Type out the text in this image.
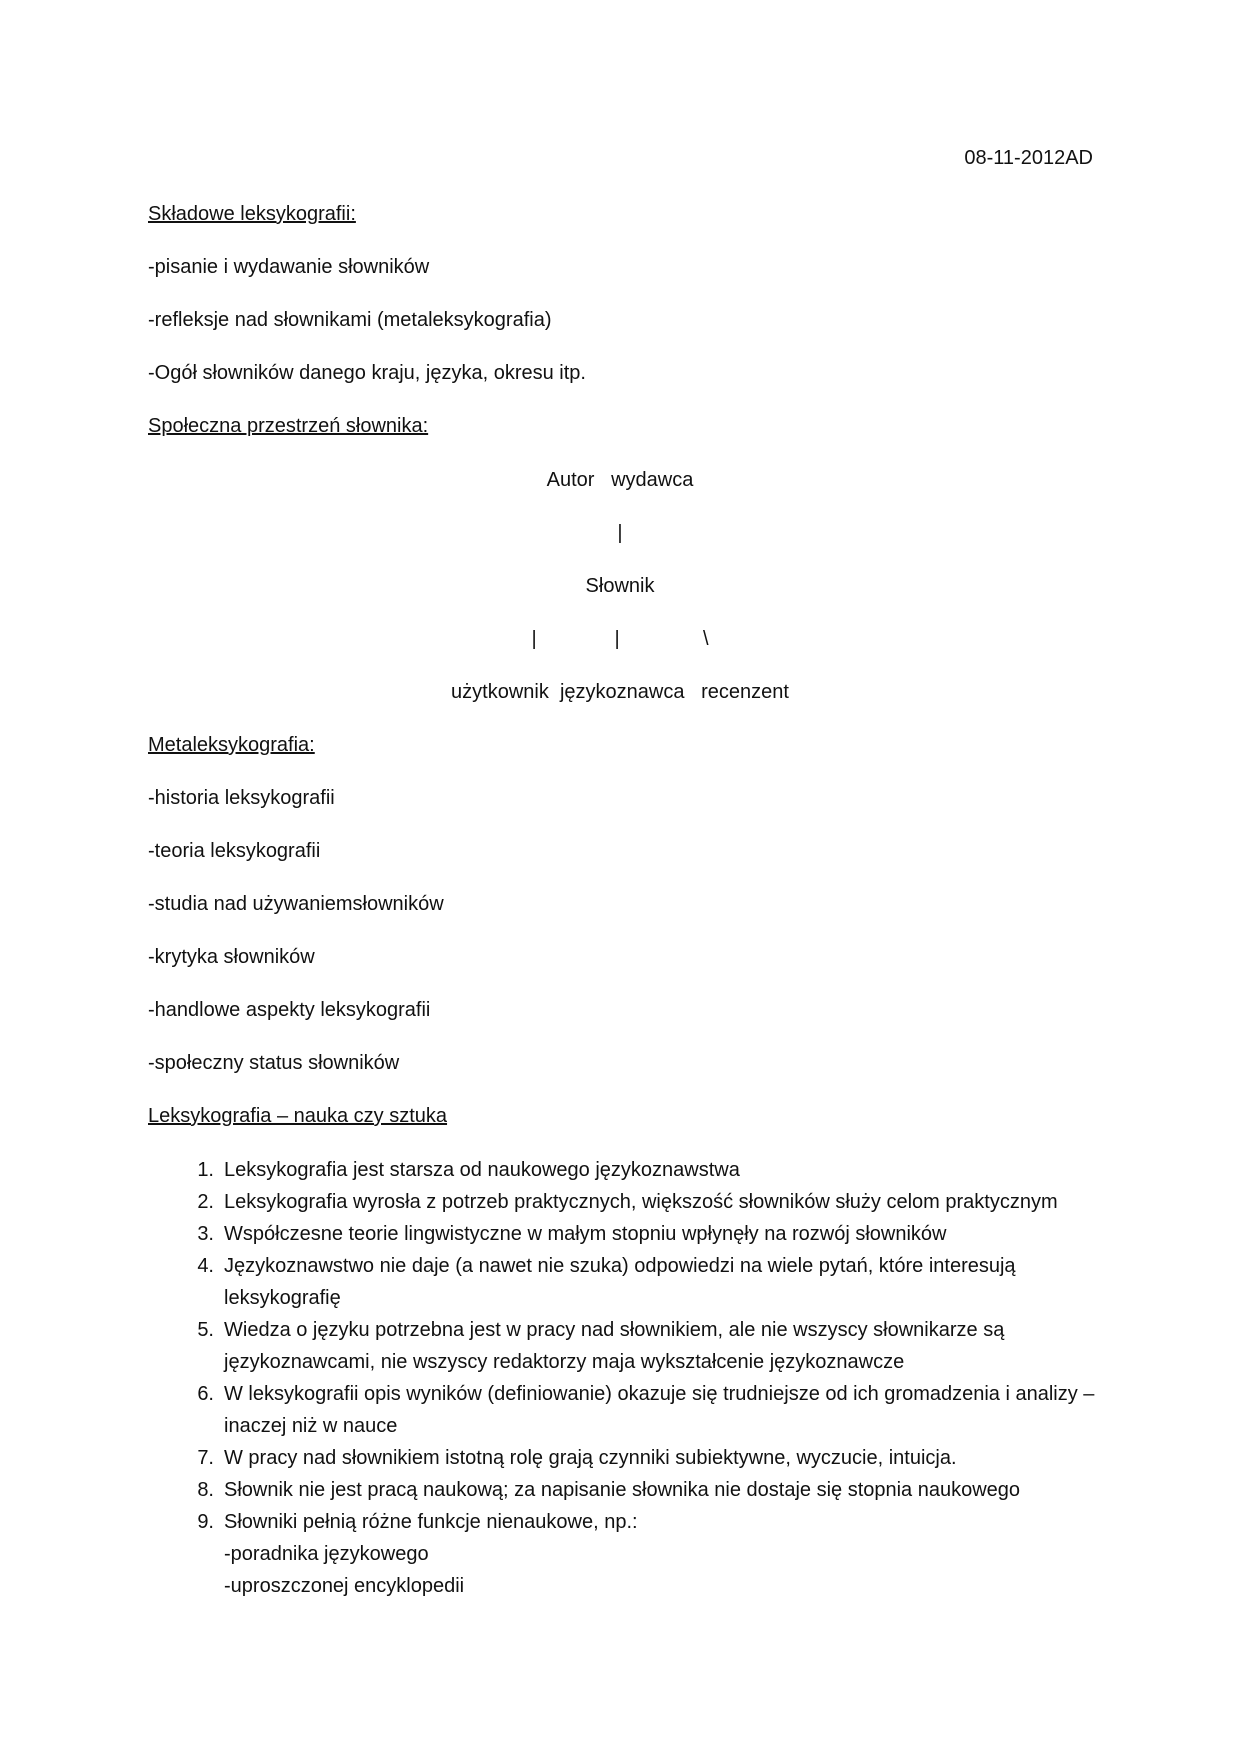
08-11-2012AD
Składowe leksykografii:
-pisanie i wydawanie słowników
-refleksje nad słownikami (metaleksykografia)
-Ogół słowników danego kraju, języka, okresu itp.
Społeczna przestrzeń słownika:
Autor   wydawca
|
Słownik
|              |               \
użytkownik  językoznawca   recenzent
Metaleksykografia:
-historia leksykografii
-teoria leksykografii
-studia nad używaniemsłowników
-krytyka słowników
-handlowe aspekty leksykografii
-społeczny status słowników
Leksykografia – nauka czy sztuka
1. Leksykografia jest starsza od naukowego językoznawstwa
2. Leksykografia wyrosła z potrzeb praktycznych, większość słowników służy celom praktycznym
3. Współczesne teorie lingwistyczne w małym stopniu wpłynęły na rozwój słowników
4. Językoznawstwo nie daje (a nawet nie szuka) odpowiedzi na wiele pytań, które interesują leksykografię
5. Wiedza o języku potrzebna jest w pracy nad słownikiem, ale nie wszyscy słownikarze są językoznawcami, nie wszyscy redaktorzy maja wykształcenie językoznawcze
6. W leksykografii opis wyników (definiowanie) okazuje się trudniejsze od ich gromadzenia i analizy – inaczej niż w nauce
7. W pracy nad słownikiem istotną rolę grają czynniki subiektywne, wyczucie, intuicja.
8. Słownik nie jest pracą naukową; za napisanie słownika nie dostaje się stopnia naukowego
9. Słowniki pełnią różne funkcje nienaukowe, np.:
-poradnika językowego
-uproszczonej encyklopedii
